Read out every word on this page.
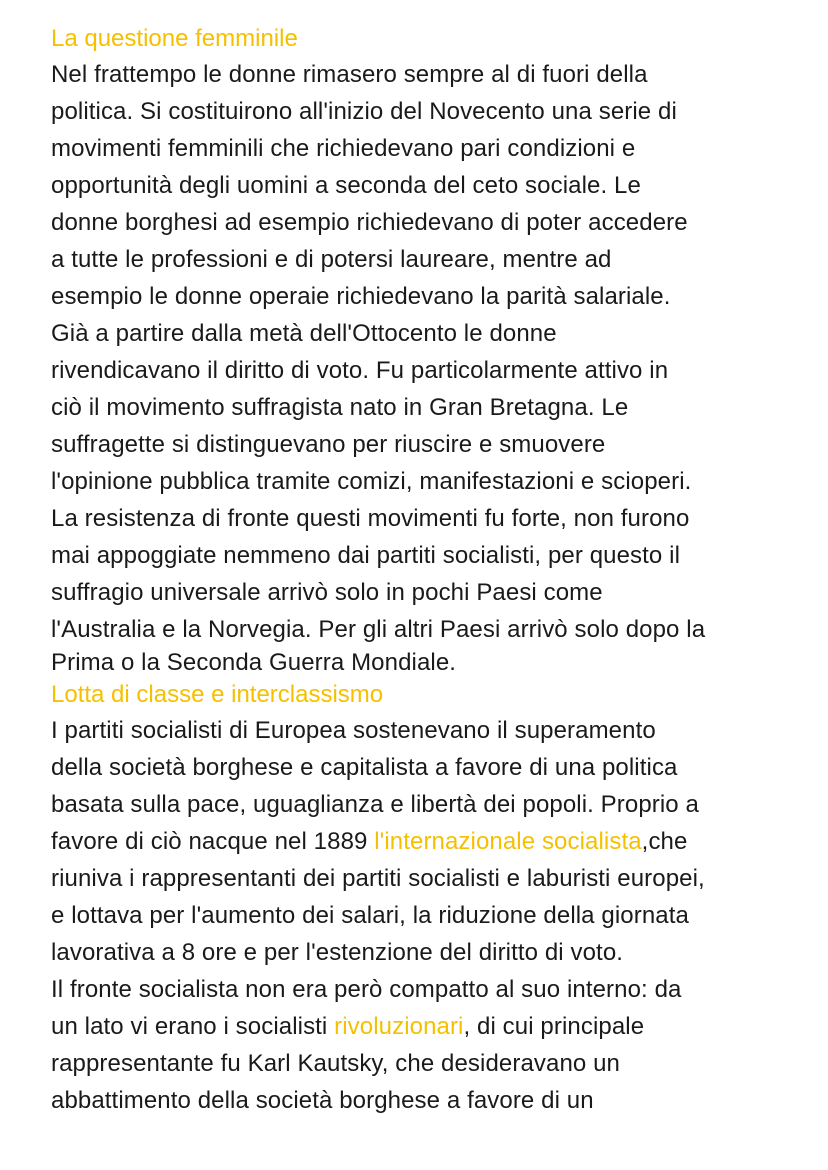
La questione femminile

Nel frattempo le donne rimasero sempre al di fuori della

politica. Si costituirono all'inizio del Novecento una serie di

movimenti femminili che richiedevano pari condizioni e

opportunità degli uomini a seconda del ceto sociale. Le

donne borghesi ad esempio richiedevano di poter accedere

a tutte le professioni e di potersi laureare, mentre ad

esempio le donne operaie richiedevano la parità salariale.

Già a partire dalla metà dell'Ottocento le donne

rivendicavano il diritto di voto. Fu particolarmente attivo in

ciò il movimento suffragista nato in Gran Bretagna. Le

suffragette si distinguevano per riuscire e smuovere

l'opinione pubblica tramite comizi, manifestazioni e scioperi.

La resistenza di fronte questi movimenti fu forte, non furono

mai appoggiate nemmeno dai partiti socialisti, per questo il

suffragio universale arrivò solo in pochi Paesi come

l'Australia e la Norvegia. Per gli altri Paesi arrivò solo dopo la

Prima o la Seconda Guerra Mondiale.

Lotta di classe e interclassismo

I partiti socialisti di Europea sostenevano il superamento

della società borghese e capitalista a favore di una politica

basata sulla pace, uguaglianza e libertà dei popoli. Proprio a

favore di ciò nacque nel 1889 l'internazionale socialista,che

riuniva i rappresentanti dei partiti socialisti e laburisti europei,

e lottava per l'aumento dei salari, la riduzione della giornata

lavorativa a 8 ore e per l'estenzione del diritto di voto.

Il fronte socialista non era però compatto al suo interno: da

un lato vi erano i socialisti rivoluzionari, di cui principale

rappresentante fu Karl Kautsky, che desideravano un

abbattimento della società borghese a favore di un
